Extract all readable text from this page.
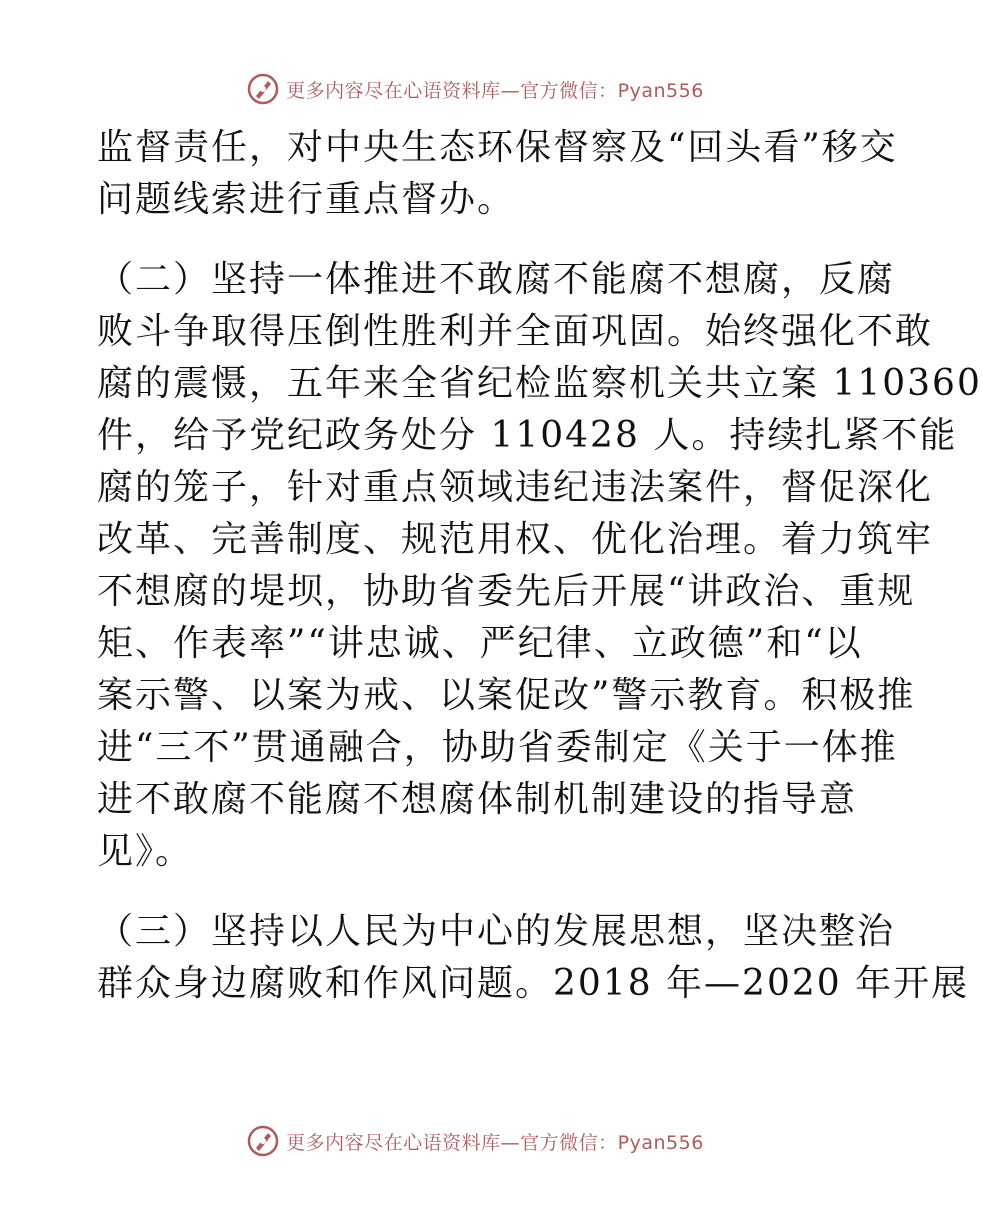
更多内容尽在心语资料库—官方微信：Pyan556
监督责任，对中央生态环保督察及“回头看”移交
问题线索进行重点督办。
（二）坚持一体推进不敢腐不能腐不想腐，反腐
败斗争取得压倒性胜利并全面巩固。始终强化不敢
腐的震慑，五年来全省纪检监察机关共立案 110360
件，给予党纪政务处分 110428 人。持续扎紧不能
腐的笼子，针对重点领域违纪违法案件，督促深化
改革、完善制度、规范用权、优化治理。着力筑牢
不想腐的堤坝，协助省委先后开展“讲政治、重规
矩、作表率”“讲忠诚、严纪律、立政德”和“以
案示警、以案为戒、以案促改”警示教育。积极推
进“三不”贯通融合，协助省委制定《关于一体推
进不敢腐不能腐不想腐体制机制建设的指导意
见》。
（三）坚持以人民为中心的发展思想，坚决整治
群众身边腐败和作风问题。2018 年—2020 年开展
更多内容尽在心语资料库—官方微信：Pyan556
